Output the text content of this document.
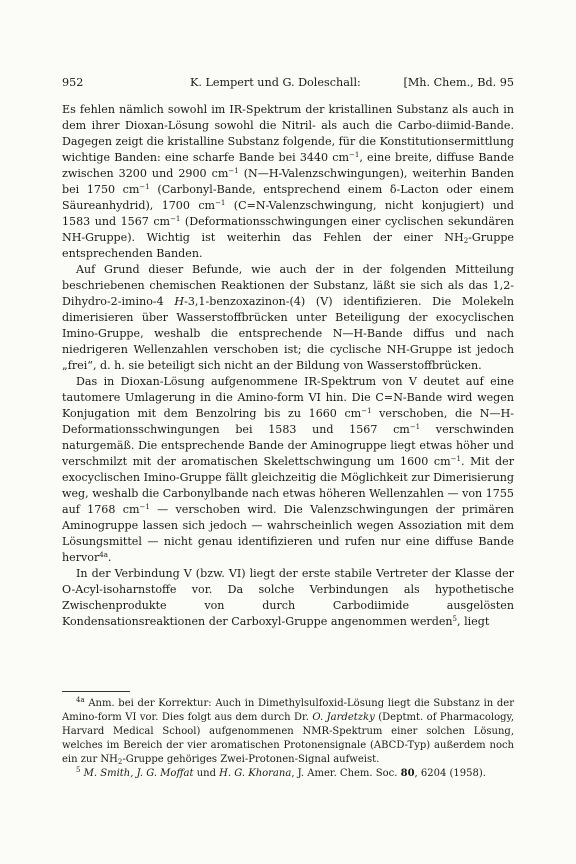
952	K. Lempert und G. Doleschall:	[Mh. Chem., Bd. 95

Es fehlen nämlich sowohl im IR-Spektrum der kristallinen Substanz als auch in dem ihrer Dioxan-Lösung sowohl die Nitril- als auch die Carbo-diimid-Bande. Dagegen zeigt die kristalline Substanz folgende, für die Konstitutionsermittlung wichtige Banden: eine scharfe Bande bei 3440 $cm^{-1}$, eine breite, diffuse Bande zwischen 3200 und 2900 $cm^{-1}$ (N—H-Valenzschwingungen), weiterhin Banden bei 1750 $cm^{-1}$ (Carbonyl-Bande, entsprechend einem δ-Lacton oder einem Säureanhydrid), 1700 $cm^{-1}$ (C=N-Valenzschwingung, nicht konjugiert) und 1583 und 1567 $cm^{-1}$ (Deformationsschwingungen einer cyclischen sekundären NH-Gruppe). Wichtig ist weiterhin das Fehlen der einer $NH_2$-Gruppe entsprechenden Banden.

Auf Grund dieser Befunde, wie auch der in der folgenden Mitteilung beschriebenen chemischen Reaktionen der Substanz, läßt sie sich als das 1,2-Dihydro-2-imino-4 H-3,1-benzoxazinon-(4) (V) identifizieren. Die Molekeln dimerisieren über Wasserstoffbrücken unter Beteiligung der exocyclischen Imino-Gruppe, weshalb die entsprechende N—H-Bande diffus und nach niedrigeren Wellenzahlen verschoben ist; die cyclische NH-Gruppe ist jedoch „frei“, d. h. sie beteiligt sich nicht an der Bildung von Wasserstoffbrücken.

Das in Dioxan-Lösung aufgenommene IR-Spektrum von V deutet auf eine tautomere Umlagerung in die Amino-form VI hin. Die C=N-Bande wird wegen Konjugation mit dem Benzolring bis zu 1660 $cm^{-1}$ verschoben, die N—H-Deformationsschwingungen bei 1583 und 1567 $cm^{-1}$ verschwinden naturgemäß. Die entsprechende Bande der Aminogruppe liegt etwas höher und verschmilzt mit der aromatischen Skelettschwingung um 1600 $cm^{-1}$. Mit der exocyclischen Imino-Gruppe fällt gleichzeitig die Möglichkeit zur Dimerisierung weg, weshalb die Carbonylbande nach etwas höheren Wellenzahlen — von 1755 auf 1768 $cm^{-1}$ — verschoben wird. Die Valenzschwingungen der primären Aminogruppe lassen sich jedoch — wahrscheinlich wegen Assoziation mit dem Lösungsmittel — nicht genau identifizieren und rufen nur eine diffuse Bande hervor$^{4a}$.

In der Verbindung V (bzw. VI) liegt der erste stabile Vertreter der Klasse der O-Acyl-isoharnstoffe vor. Da solche Verbindungen als hypothetische Zwischenprodukte von durch Carbodiimide ausgelösten Kondensationsreaktionen der Carboxyl-Gruppe angenommen werden$^5$, liegt

$^{4a}$ Anm. bei der Korrektur: Auch in Dimethylsulfoxid-Lösung liegt die Substanz in der Amino-form VI vor. Dies folgt aus dem durch Dr. O. Jardetzky (Deptmt. of Pharmacology, Harvard Medical School) aufgenommenen NMR-Spektrum einer solchen Lösung, welches im Bereich der vier aromatischen Protonensignale (ABCD-Typ) außerdem noch ein zur $NH_2$-Gruppe gehöriges Zwei-Protonen-Signal aufweist.

$^5$ M. Smith, J. G. Moffat und H. G. Khorana, J. Amer. Chem. Soc. 80, 6204 (1958).
